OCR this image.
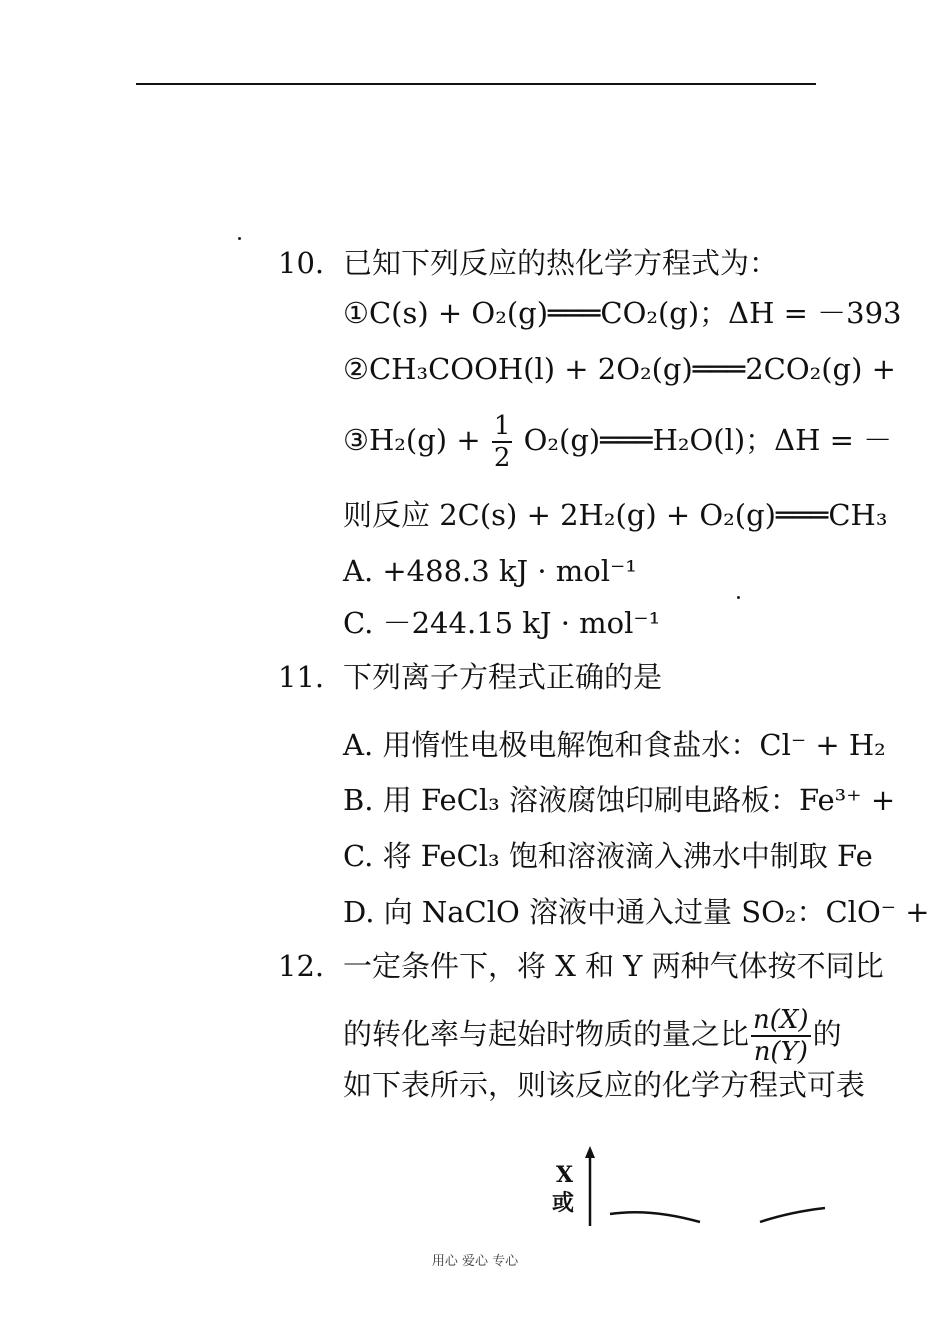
10. 已知下列反应的热化学方程式为：
①C(s) + O₂(g)═══CO₂(g)；ΔH = －393
②CH₃COOH(l) + 2O₂(g)═══2CO₂(g) +
③H₂(g) + $\frac{1}{2}$ O₂(g)═══H₂O(l)；ΔH = －
则反应 2C(s) + 2H₂(g) + O₂(g)═══CH₃
A. +488.3 kJ · mol⁻¹
C. －244.15 kJ · mol⁻¹
11. 下列离子方程式正确的是
A. 用惰性电极电解饱和食盐水：Cl⁻ + H₂
B. 用 FeCl₃ 溶液腐蚀印刷电路板：Fe³⁺ +
C. 将 FeCl₃ 饱和溶液滴入沸水中制取 Fe
D. 向 NaClO 溶液中通入过量 SO₂：ClO⁻ +
12. 一定条件下，将 X 和 Y 两种气体按不同比
的转化率与起始时物质的量之比 $\frac{n(X)}{n(Y)}$ 的
如下表所示，则该反应的化学方程式可表
X
或
用心 爱心 专心
